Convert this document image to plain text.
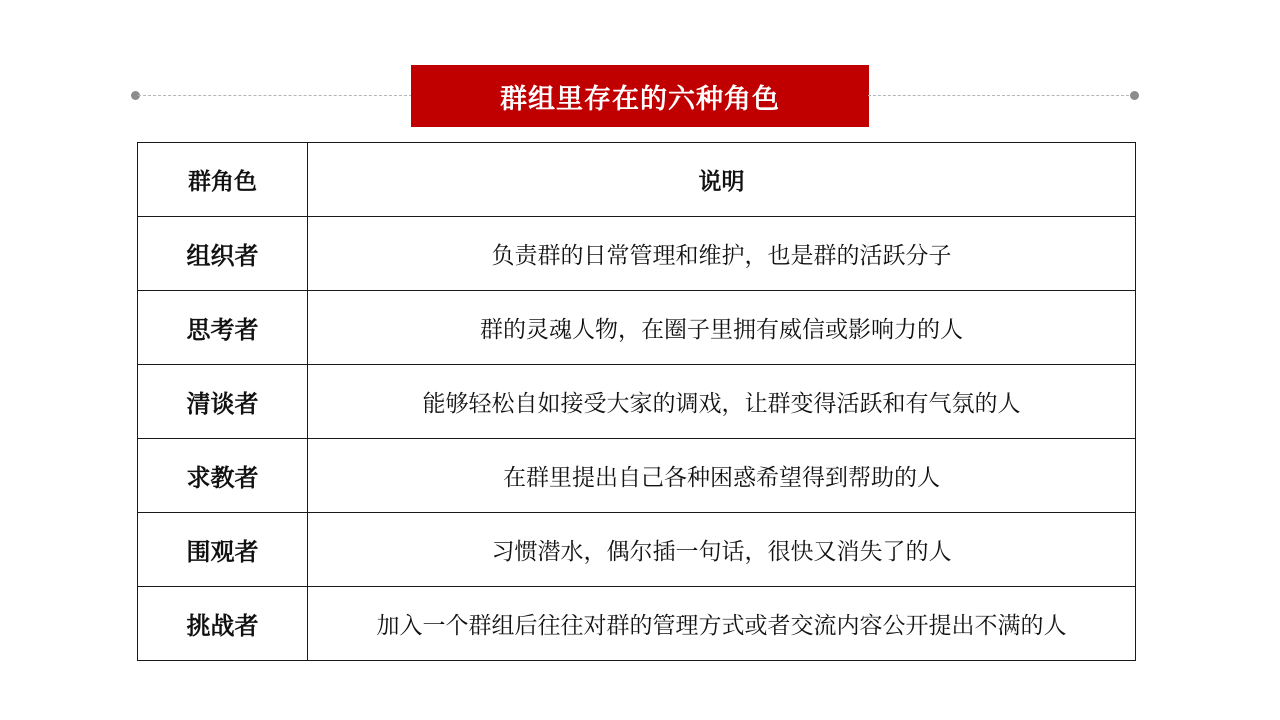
群组里存在的六种角色
群角色	说明
组织者	负责群的日常管理和维护，也是群的活跃分子
思考者	群的灵魂人物，在圈子里拥有威信或影响力的人
清谈者	能够轻松自如接受大家的调戏，让群变得活跃和有气氛的人
求教者	在群里提出自己各种困惑希望得到帮助的人
围观者	习惯潜水，偶尔插一句话，很快又消失了的人
挑战者	加入一个群组后往往对群的管理方式或者交流内容公开提出不满的人
